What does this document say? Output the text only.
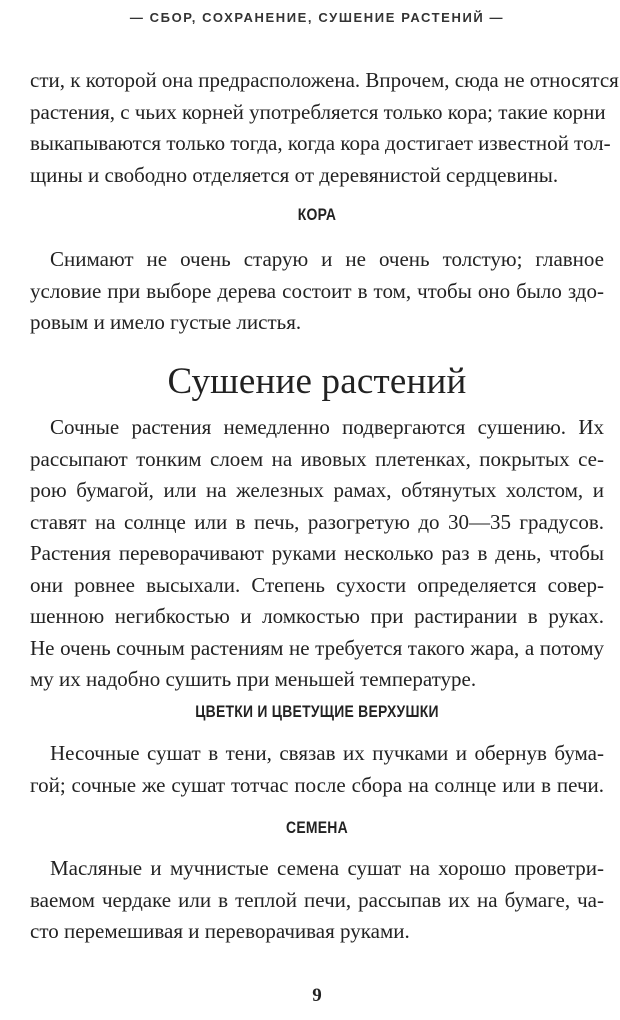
— СБОР, СОХРАНЕНИЕ, СУШЕНИЕ РАСТЕНИЙ —
сти, к которой она предрасположена. Впрочем, сюда не относятся
растения, с чьих корней употребляется только кора; такие корни
выкапываются только тогда, когда кора достигает известной тол-
щины и свободно отделяется от деревянистой сердцевины.
КОРА
Снимают не очень старую и не очень толстую; главное
условие при выборе дерева состоит в том, чтобы оно было здо-
ровым и имело густые листья.
Сушение растений
Сочные растения немедленно подвергаются сушению. Их
рассыпают тонким слоем на ивовых плетенках, покрытых се-
рою бумагой, или на железных рамах, обтянутых холстом, и
ставят на солнце или в печь, разогретую до 30—35 градусов.
Растения переворачивают руками несколько раз в день, чтобы
они ровнее высыхали. Степень сухости определяется совер-
шенною негибкостью и ломкостью при растирании в руках.
Не очень сочным растениям не требуется такого жара, а потому
му их надобно сушить при меньшей температуре.
ЦВЕТКИ И ЦВЕТУЩИЕ ВЕРХУШКИ
Несочные сушат в тени, связав их пучками и обернув бума-
гой; сочные же сушат тотчас после сбора на солнце или в печи.
СЕМЕНА
Масляные и мучнистые семена сушат на хорошо проветри-
ваемом чердаке или в теплой печи, рассыпав их на бумаге, ча-
сто перемешивая и переворачивая руками.
9
